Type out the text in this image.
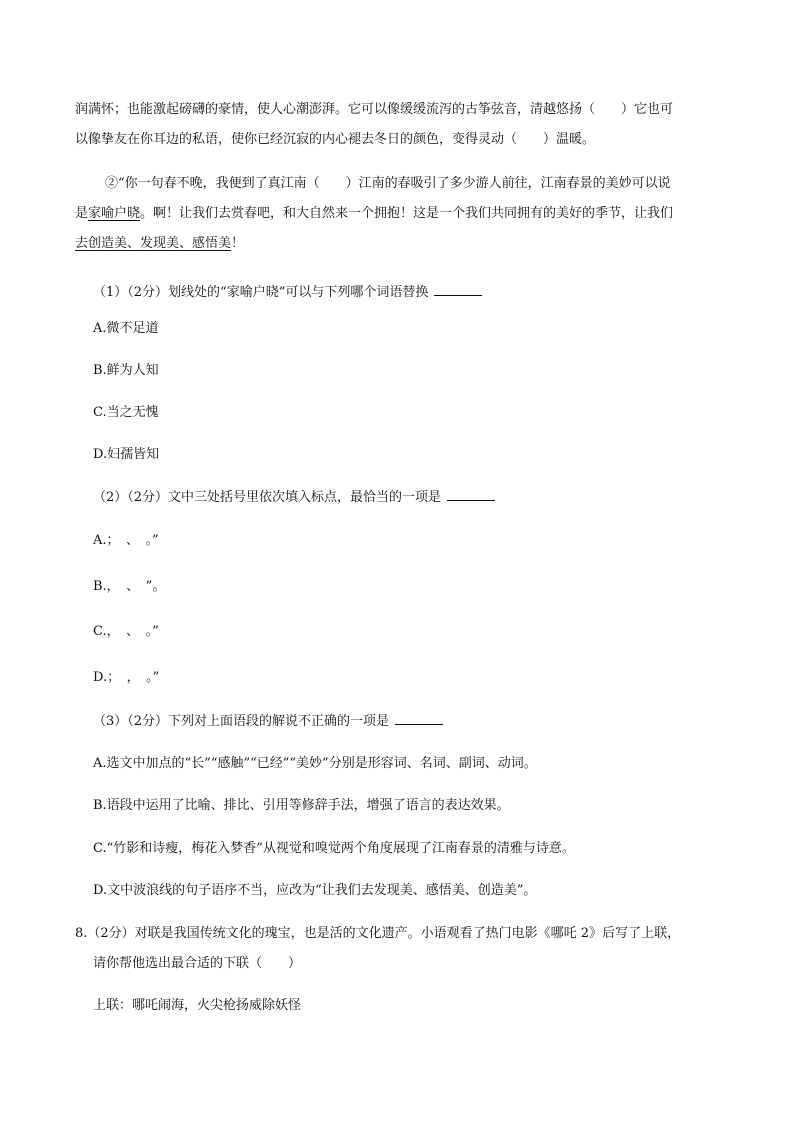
润满怀；也能激起磅礴的豪情，使人心潮澎湃。它可以像缓缓流泻的古筝弦音，清越悠扬（　　）它也可
以像挚友在你耳边的私语，使你已经沉寂的内心褪去冬日的颜色，变得灵动（　　）温暖。
②“你一句春不晚，我便到了真江南（　　）江南的春吸引了多少游人前往，江南春景的美妙可以说
是家喻户晓。啊！让我们去赏春吧，和大自然来一个拥抱！这是一个我们共同拥有的美好的季节，让我们
去创造美、发现美、感悟美！
（1）（2分）划线处的“家喻户晓”可以与下列哪个词语替换
A.微不足道
B.鲜为人知
C.当之无愧
D.妇孺皆知
（2）（2分）文中三处括号里依次填入标点，最恰当的一项是
A.；　、　。”
B.，　、　”。
C.，　、　。”
D.；　，　。”
（3）（2分）下列对上面语段的解说不正确的一项是
A.选文中加点的“长”“感触”“已经”“美妙”分别是形容词、名词、副词、动词。
B.语段中运用了比喻、排比、引用等修辞手法，增强了语言的表达效果。
C.“竹影和诗瘦，梅花入梦香”从视觉和嗅觉两个角度展现了江南春景的清雅与诗意。
D.文中波浪线的句子语序不当，应改为“让我们去发现美、感悟美、创造美”。
8.（2分）对联是我国传统文化的瑰宝，也是活的文化遗产。小语观看了热门电影《哪吒 2》后写了上联，
请你帮他选出最合适的下联（　　）
上联：哪吒闹海，火尖枪扬威除妖怪
